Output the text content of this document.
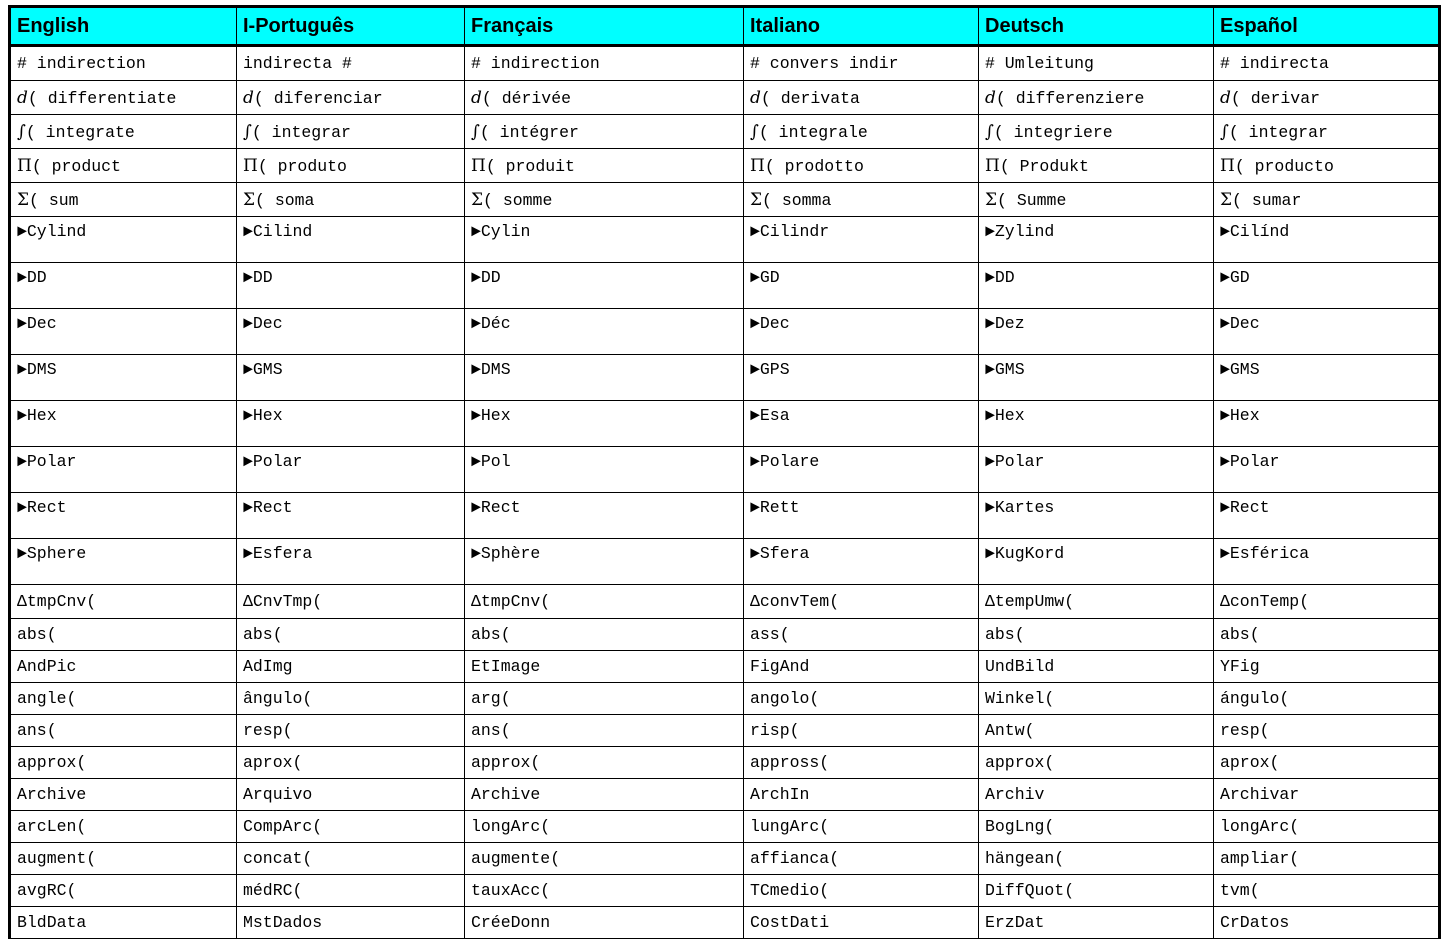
English	I-Português	Français	Italiano	Deutsch	Español
# indirection	indirecta #	# indirection	# convers indir	# Umleitung	# indirecta
d( differentiate	d( diferenciar	d( dérivée	d( derivata	d( differenziere	d( derivar
∫( integrate	∫( integrar	∫( intégrer	∫( integrale	∫( integriere	∫( integrar
Π( product	Π( produto	Π( produit	Π( prodotto	Π( Produkt	Π( producto
Σ( sum	Σ( soma	Σ( somme	Σ( somma	Σ( Summe	Σ( sumar
►Cylind	►Cilind	►Cylin	►Cilindr	►Zylind	►Cilínd
►DD	►DD	►DD	►GD	►DD	►GD
►Dec	►Dec	►Déc	►Dec	►Dez	►Dec
►DMS	►GMS	►DMS	►GPS	►GMS	►GMS
►Hex	►Hex	►Hex	►Esa	►Hex	►Hex
►Polar	►Polar	►Pol	►Polare	►Polar	►Polar
►Rect	►Rect	►Rect	►Rett	►Kartes	►Rect
►Sphere	►Esfera	►Sphère	►Sfera	►KugKord	►Esférica
ΔtmpCnv(	ΔCnvTmp(	ΔtmpCnv(	ΔconvTem(	ΔtempUmw(	ΔconTemp(
abs(	abs(	abs(	ass(	abs(	abs(
AndPic	AdImg	EtImage	FigAnd	UndBild	YFig
angle(	ângulo(	arg(	angolo(	Winkel(	ángulo(
ans(	resp(	ans(	risp(	Antw(	resp(
approx(	aprox(	approx(	appross(	approx(	aprox(
Archive	Arquivo	Archive	ArchIn	Archiv	Archivar
arcLen(	CompArc(	longArc(	lungArc(	BogLng(	longArc(
augment(	concat(	augmente(	affianca(	hängean(	ampliar(
avgRC(	médRC(	tauxAcc(	TCmedio(	DiffQuot(	tvm(
BldData	MstDados	CréeDonn	CostDati	ErzDat	CrDatos
